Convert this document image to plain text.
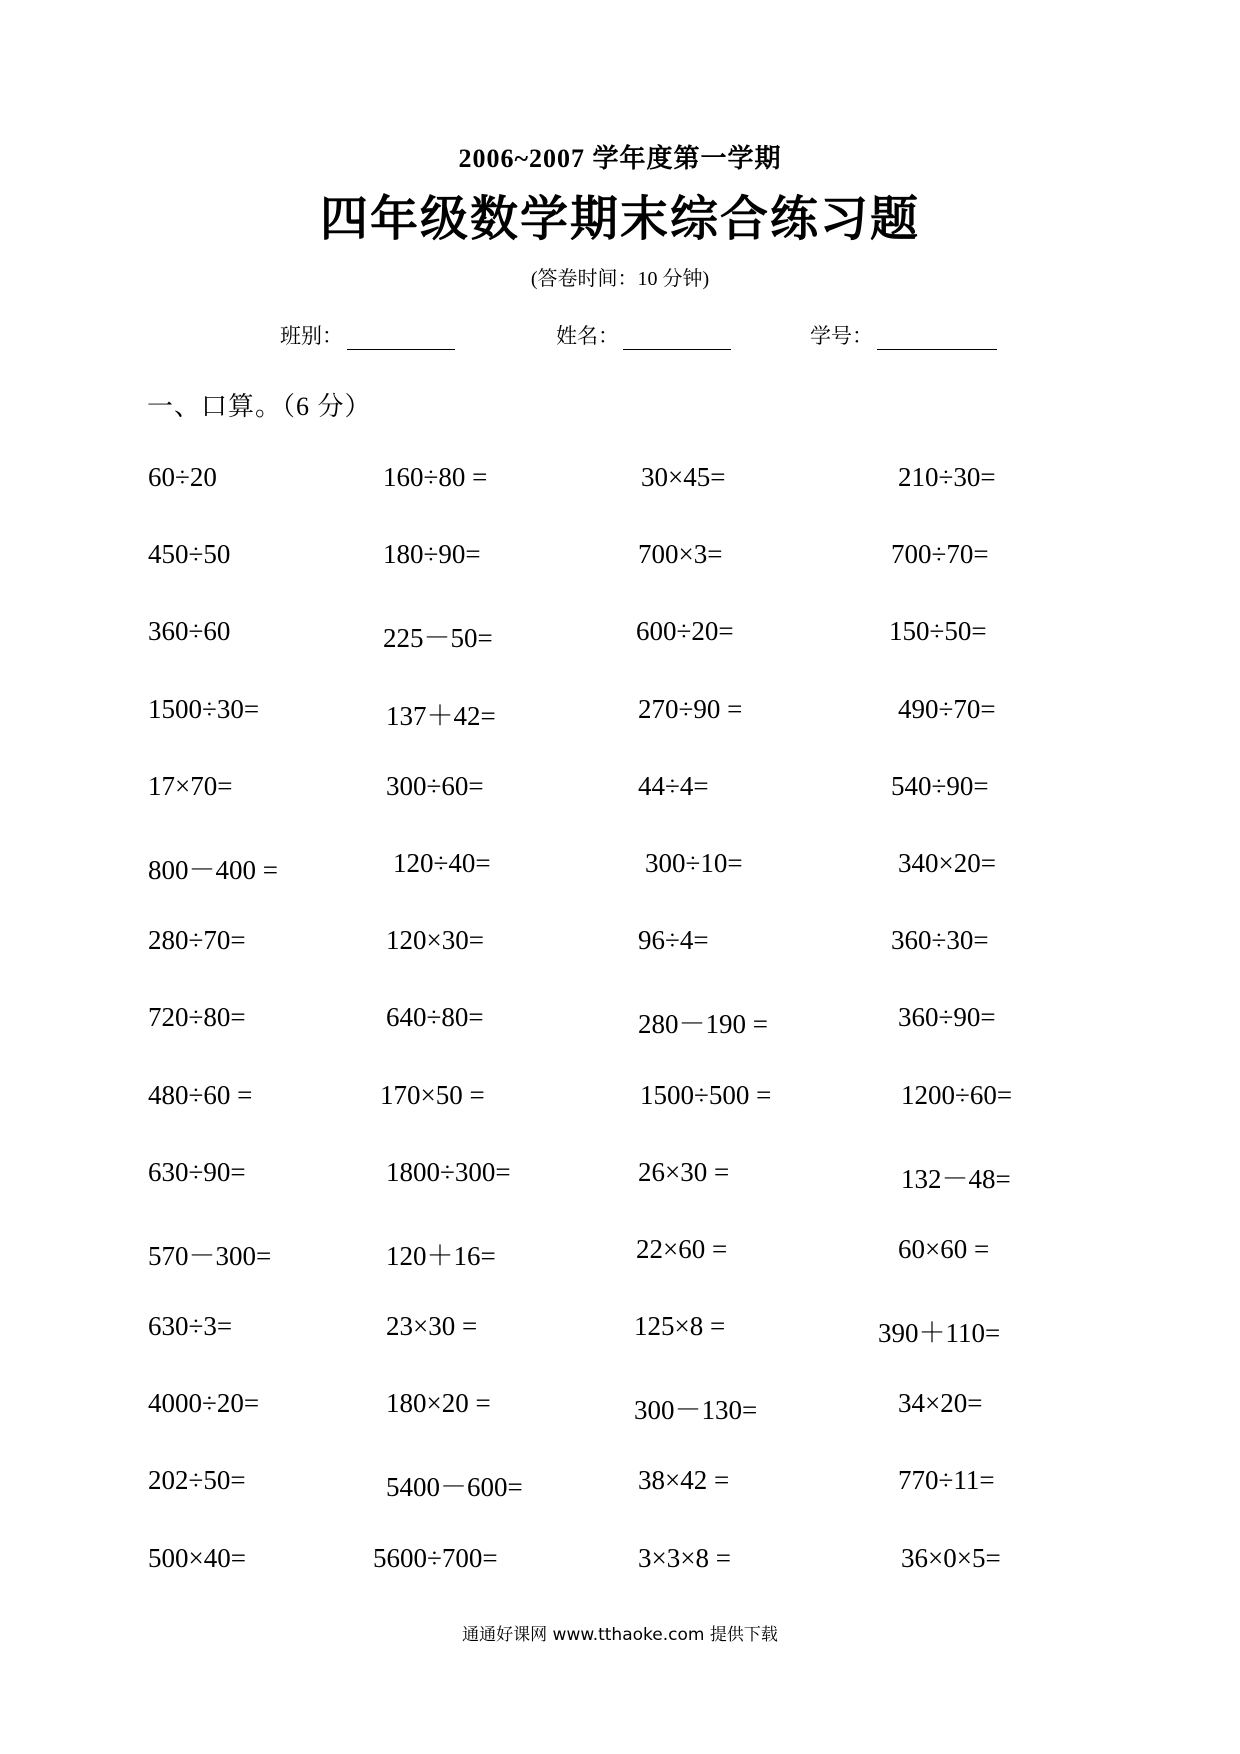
2006~2007 学年度第一学期
四年级数学期末综合练习题
(答卷时间：10 分钟)
班别：	姓名：	学号：
一、口算。（6 分）
60÷20	160÷80 =	30×45=	210÷30=
450÷50	180÷90=	700×3=	700÷70=
360÷60	225－50=	600÷20=	150÷50=
1500÷30=	137＋42=	270÷90 =	490÷70=
17×70=	300÷60=	44÷4=	540÷90=
800－400 =	120÷40=	300÷10=	340×20=
280÷70=	120×30=	96÷4=	360÷30=
720÷80=	640÷80=	280－190 =	360÷90=
480÷60 =	170×50 =	1500÷500 =	1200÷60=
630÷90=	1800÷300=	26×30 =	132－48=
570－300=	120＋16=	22×60 =	60×60 =
630÷3=	23×30 =	125×8 =	390＋110=
4000÷20=	180×20 =	300－130=	34×20=
202÷50=	5400－600=	38×42 =	770÷11=
500×40=	5600÷700=	3×3×8 =	36×0×5=
通通好课网 www.tthaoke.com 提供下载
